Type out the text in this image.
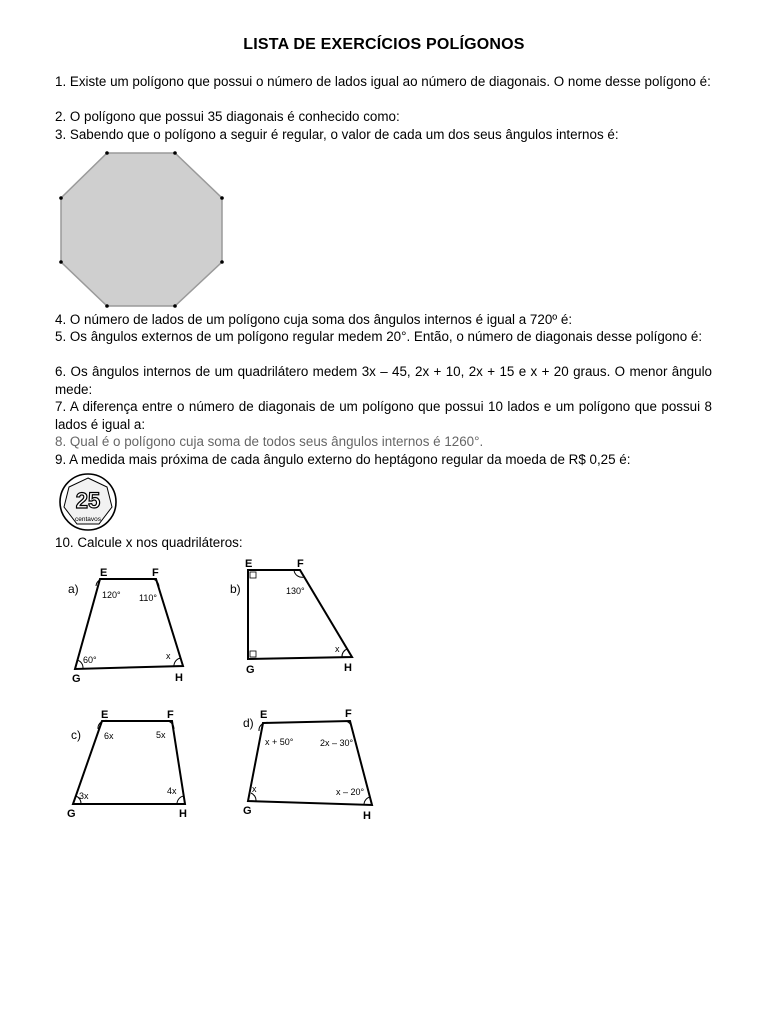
LISTA DE EXERCÍCIOS POLÍGONOS
1. Existe um polígono que possui o número de lados igual ao número de diagonais. O nome desse polígono é:
2. O polígono que possui 35 diagonais é conhecido como:
3. Sabendo que o polígono a seguir é regular, o valor de cada um dos seus ângulos internos é:
4. O número de lados de um polígono cuja soma dos ângulos internos é igual a 720º é:
5. Os ângulos externos de um polígono regular medem 20°. Então, o número de diagonais desse polígono é:
6. Os ângulos internos de um quadrilátero medem 3x – 45, 2x + 10, 2x + 15 e x + 20 graus. O menor ângulo mede:
7. A diferença entre o número de diagonais de um polígono que possui 10 lados e um polígono que possui 8 lados é igual a:
8. Qual é o polígono cuja soma de todos seus ângulos internos é 1260°.
9. A medida mais próxima de cada ângulo externo do heptágono regular da moeda de R$ 0,25 é:
25
centavos
10. Calcule x nos quadriláteros:
a)
E	F
G	H
120° 110°
60°	x
b)
E	F
G	H
130°
x
c)
E	F
G	H
6x	5x
3x	4x
d)
E	F
G	H
x + 50°	2x – 30°
x	x – 20°
